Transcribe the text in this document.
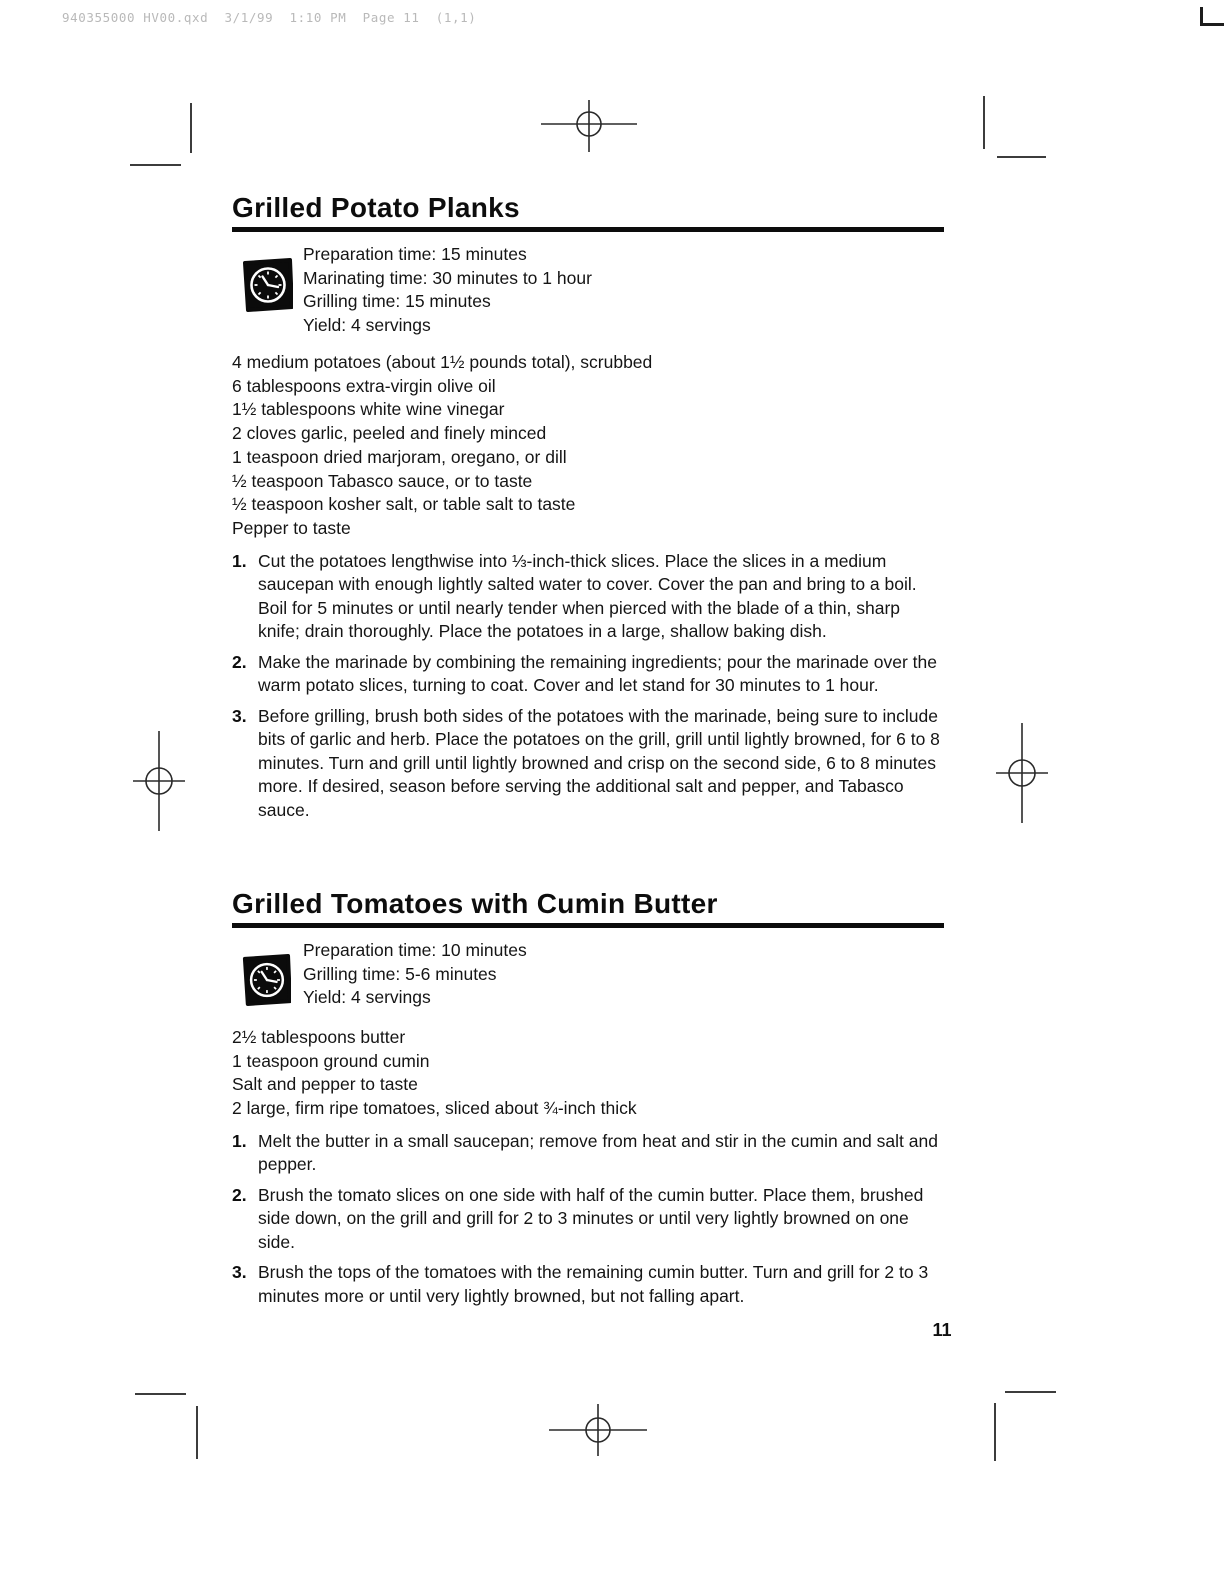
940355000 HV00.qxd  3/1/99  1:10 PM  Page 11  (1,1)
Grilled Potato Planks
Preparation time: 15 minutes
Marinating time: 30 minutes to 1 hour
Grilling time: 15 minutes
Yield: 4 servings
4 medium potatoes (about 1½ pounds total), scrubbed
6 tablespoons extra-virgin olive oil
1½ tablespoons white wine vinegar
2 cloves garlic, peeled and finely minced
1 teaspoon dried marjoram, oregano, or dill
½ teaspoon Tabasco sauce, or to taste
½ teaspoon kosher salt, or table salt to taste
Pepper to taste
1. Cut the potatoes lengthwise into ⅓-inch-thick slices. Place the slices in a medium saucepan with enough lightly salted water to cover. Cover the pan and bring to a boil. Boil for 5 minutes or until nearly tender when pierced with the blade of a thin, sharp knife; drain thoroughly. Place the potatoes in a large, shallow baking dish.
2. Make the marinade by combining the remaining ingredients; pour the marinade over the warm potato slices, turning to coat. Cover and let stand for 30 minutes to 1 hour.
3. Before grilling, brush both sides of the potatoes with the marinade, being sure to include bits of garlic and herb. Place the potatoes on the grill, grill until lightly browned, for 6 to 8 minutes. Turn and grill until lightly browned and crisp on the second side, 6 to 8 minutes more. If desired, season before serving the additional salt and pepper, and Tabasco sauce.
Grilled Tomatoes with Cumin Butter
Preparation time: 10 minutes
Grilling time: 5-6 minutes
Yield: 4 servings
2½ tablespoons butter
1 teaspoon ground cumin
Salt and pepper to taste
2 large, firm ripe tomatoes, sliced about ¾-inch thick
1. Melt the butter in a small saucepan; remove from heat and stir in the cumin and salt and pepper.
2. Brush the tomato slices on one side with half of the cumin butter. Place them, brushed side down, on the grill and grill for 2 to 3 minutes or until very lightly browned on one side.
3. Brush the tops of the tomatoes with the remaining cumin butter. Turn and grill for 2 to 3 minutes more or until very lightly browned, but not falling apart.
11
